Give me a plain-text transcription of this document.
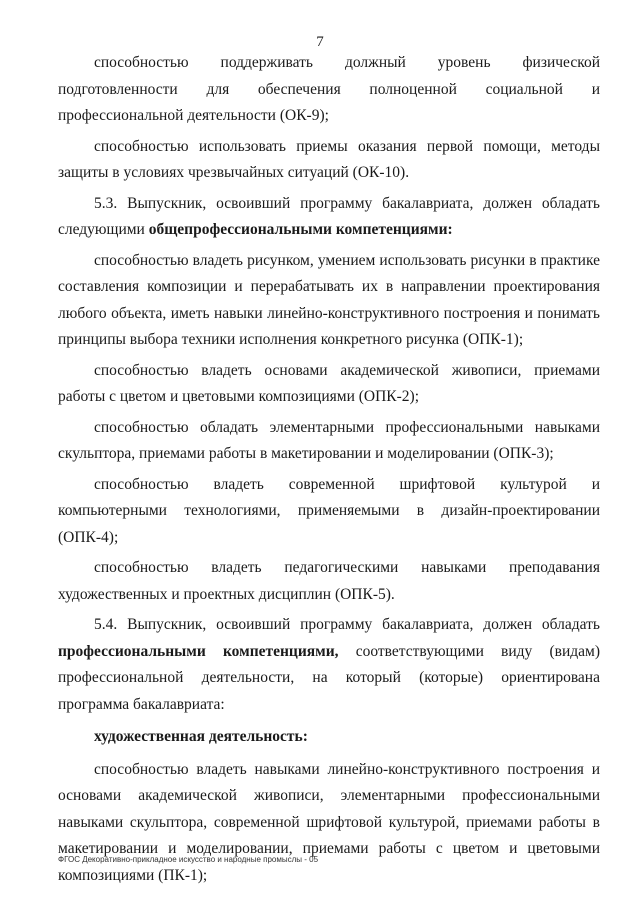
7

способностью поддерживать должный уровень физической подготовленности для обеспечения полноценной социальной и профессиональной деятельности (ОК-9);

способностью использовать приемы оказания первой помощи, методы защиты в условиях чрезвычайных ситуаций (ОК-10).

5.3. Выпускник, освоивший программу бакалавриата, должен обладать следующими общепрофессиональными компетенциями:

способностью владеть рисунком, умением использовать рисунки в практике составления композиции и перерабатывать их в направлении проектирования любого объекта, иметь навыки линейно-конструктивного построения и понимать принципы выбора техники исполнения конкретного рисунка (ОПК-1);

способностью владеть основами академической живописи, приемами работы с цветом и цветовыми композициями (ОПК-2);

способностью обладать элементарными профессиональными навыками скульптора, приемами работы в макетировании и моделировании (ОПК-3);

способностью владеть современной шрифтовой культурой и компьютерными технологиями, применяемыми в дизайн-проектировании (ОПК-4);

способностью владеть педагогическими навыками преподавания художественных и проектных дисциплин (ОПК-5).

5.4. Выпускник, освоивший программу бакалавриата, должен обладать профессиональными компетенциями, соответствующими виду (видам) профессиональной деятельности, на который (которые) ориентирована программа бакалавриата:

художественная деятельность:

способностью владеть навыками линейно-конструктивного построения и основами академической живописи, элементарными профессиональными навыками скульптора, современной шрифтовой культурой, приемами работы в макетировании и моделировании, приемами работы с цветом и цветовыми композициями (ПК-1);

ФГОС Декоративно-прикладное искусство и народные промыслы - 05
